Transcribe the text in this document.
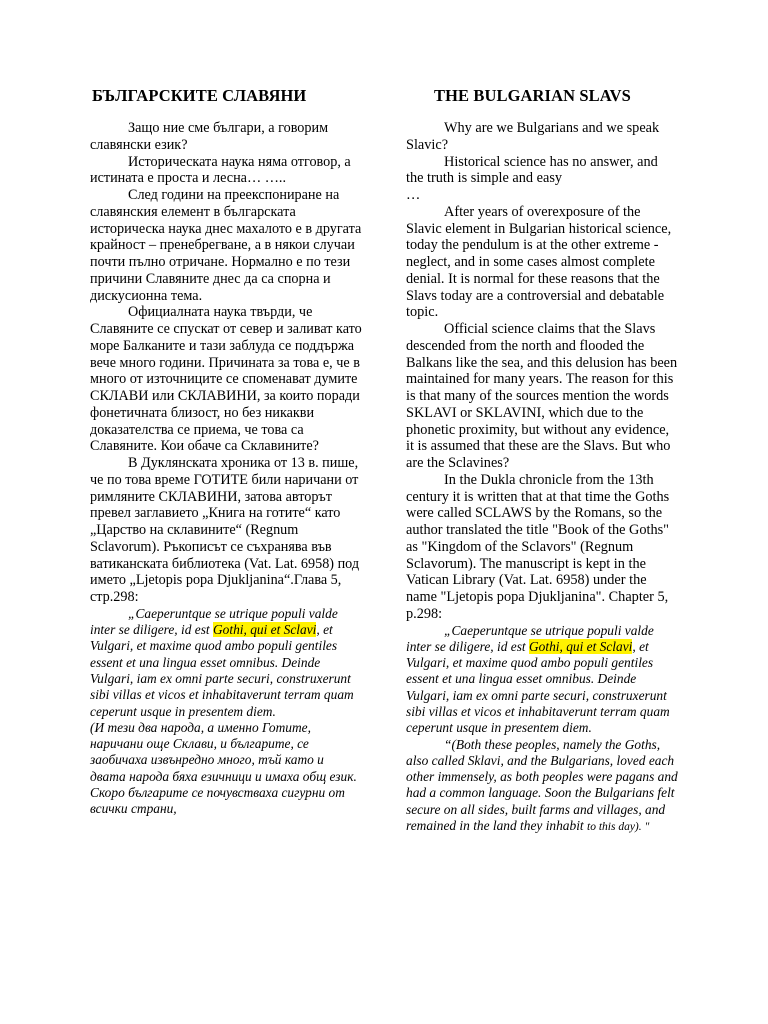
БЪЛГАРСКИТЕ СЛАВЯНИ

Защо ние сме българи, а говорим славянски език?

Историческата наука няма отговор, а истината е проста и лесна… …..

След години на преекспониране на славянския елемент в българската историческа наука днес махалото е в другата крайност – пренебрегване, а в някои случаи почти пълно отричане. Нормално е по тези причини Славяните днес да са спорна и дискусионна тема.

Официалната наука твърди, че Славяните се спускат от север и заливат като море Балканите и тази заблуда се поддържа вече много години. Причината за това е, че в много от източниците се споменават думите СКЛАВИ или СКЛАВИНИ, за които поради фонетичната близост, но без никакви доказателства се приема, че това са Славяните. Кои обаче са Склавините?

В Дуклянската хроника от 13 в. пише, че по това време ГОТИТЕ били наричани от римляните СКЛАВИНИ, затова авторът превел заглавието „Книга на готите“ като „Царство на склавините“ (Regnum Sclavorum). Ръкописът се съхранява във ватиканската библиотека (Vat. Lat. 6958) под името „Ljetopis popa Djukljanina“.Глава 5, стр.298:

„Caeperuntque se utrique populi valde inter se diligere, id est Gothi, qui et Sclavi, et Vulgari, et maxime quod ambo populi gentiles essent et una lingua esset omnibus. Deinde Vulgari, iam ex omni parte securi, construxerunt sibi villas et vicos et inhabitaverunt terram quam ceperunt usque in presentem diem.

(И тези два народа, а именно Готите, наричани още Склави, и българите, се заобичаха извънредно много, тъй като и двата народа бяха езичници и имаха общ език. Скоро българите се почувстваха сигурни от всички страни,

THE BULGARIAN SLAVS

Why are we Bulgarians and we speak Slavic?

Historical science has no answer, and the truth is simple and easy

…

After years of overexposure of the Slavic element in Bulgarian historical science, today the pendulum is at the other extreme - neglect, and in some cases almost complete denial. It is normal for these reasons that the Slavs today are a controversial and debatable topic.

Official science claims that the Slavs descended from the north and flooded the Balkans like the sea, and this delusion has been maintained for many years. The reason for this is that many of the sources mention the words SKLAVI or SKLAVINI, which due to the phonetic proximity, but without any evidence, it is assumed that these are the Slavs. But who are the Sclavines?

In the Dukla chronicle from the 13th century it is written that at that time the Goths were called SCLAWS by the Romans, so the author translated the title "Book of the Goths" as "Kingdom of the Sclavors" (Regnum Sclavorum). The manuscript is kept in the Vatican Library (Vat. Lat. 6958) under the name "Ljetopis popa Djukljanina". Chapter 5, p.298:

„Caeperuntque se utrique populi valde inter se diligere, id est Gothi, qui et Sclavi, et Vulgari, et maxime quod ambo populi gentiles essent et una lingua esset omnibus. Deinde Vulgari, iam ex omni parte securi, construxerunt sibi villas et vicos et inhabitaverunt terram quam ceperunt usque in presentem diem.

“(Both these peoples, namely the Goths, also called Sklavi, and the Bulgarians, loved each other immensely, as both peoples were pagans and had a common language. Soon the Bulgarians felt secure on all sides, built farms and villages, and remained in the land they inhabit to this day). "
